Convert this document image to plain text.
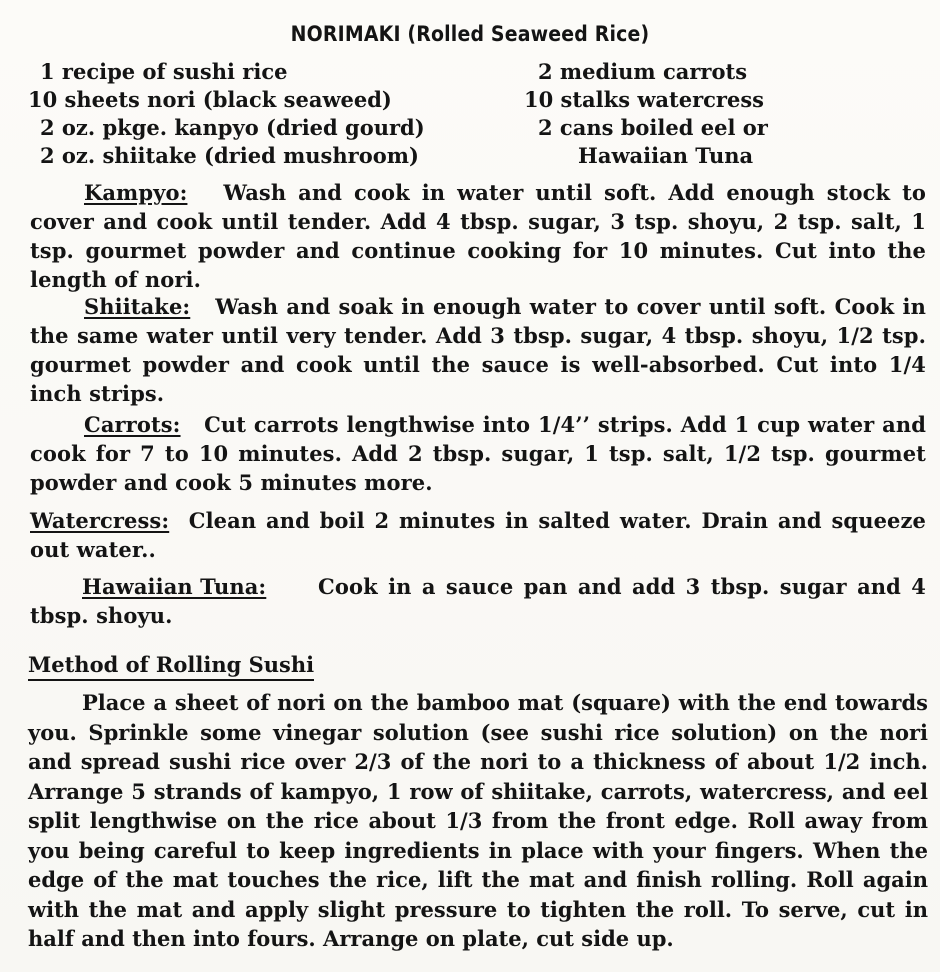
NORIMAKI (Rolled Seaweed Rice)
1 recipe of sushi rice
10 sheets nori (black seaweed)
2 oz. pkge. kanpyo (dried gourd)
2 oz. shiitake (dried mushroom)
2 medium carrots
10 stalks watercress
2 cans boiled eel or
Hawaiian Tuna
Kampyo: Wash and cook in water until soft. Add enough stock to cover and cook until tender. Add 4 tbsp. sugar, 3 tsp. shoyu, 2 tsp. salt, 1 tsp. gourmet powder and continue cooking for 10 minutes. Cut into the length of nori.
Shiitake: Wash and soak in enough water to cover until soft. Cook in the same water until very tender. Add 3 tbsp. sugar, 4 tbsp. shoyu, 1/2 tsp. gourmet powder and cook until the sauce is well-absorbed. Cut into 1/4 inch strips.
Carrots: Cut carrots lengthwise into 1/4’’ strips. Add 1 cup water and cook for 7 to 10 minutes. Add 2 tbsp. sugar, 1 tsp. salt, 1/2 tsp. gourmet powder and cook 5 minutes more.
Watercress: Clean and boil 2 minutes in salted water. Drain and squeeze out water..
Hawaiian Tuna: Cook in a sauce pan and add 3 tbsp. sugar and 4 tbsp. shoyu.
Method of Rolling Sushi
Place a sheet of nori on the bamboo mat (square) with the end towards you. Sprinkle some vinegar solution (see sushi rice solution) on the nori and spread sushi rice over 2/3 of the nori to a thickness of about 1/2 inch. Arrange 5 strands of kampyo, 1 row of shiitake, carrots, watercress, and eel split lengthwise on the rice about 1/3 from the front edge. Roll away from you being careful to keep ingredients in place with your fingers. When the edge of the mat touches the rice, lift the mat and finish rolling. Roll again with the mat and apply slight pressure to tighten the roll. To serve, cut in half and then into fours. Arrange on plate, cut side up.
